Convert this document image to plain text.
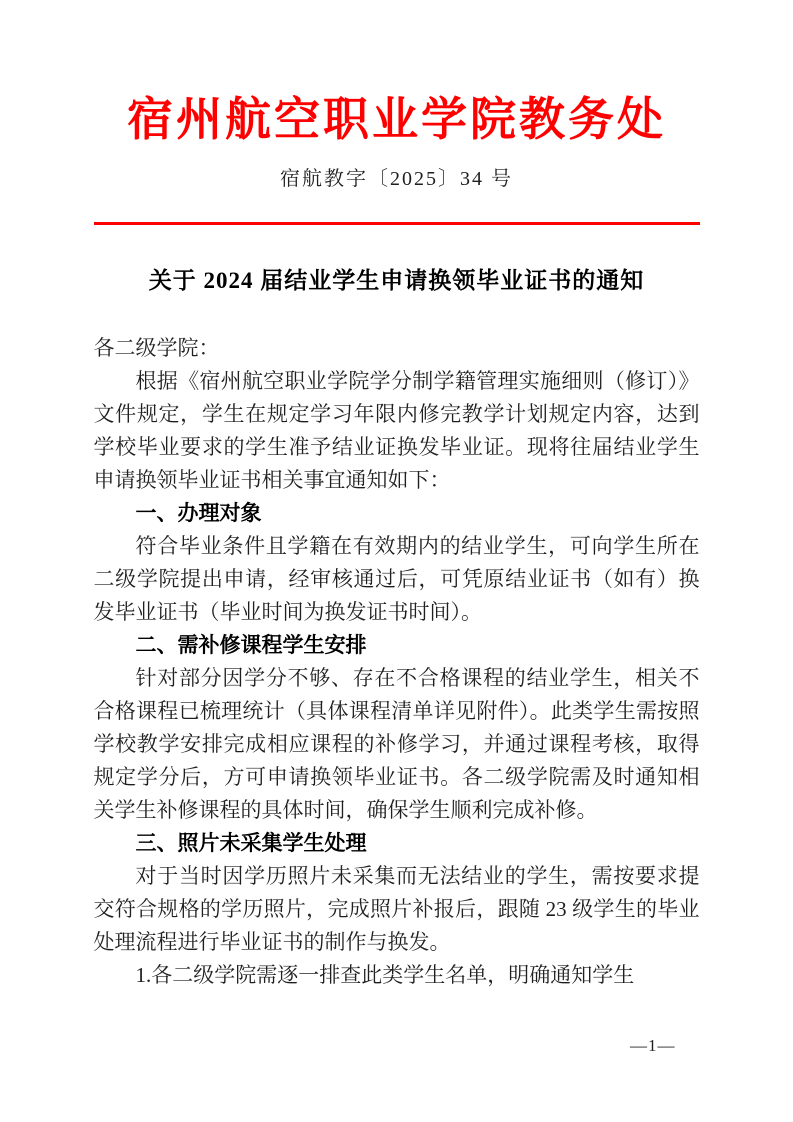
宿州航空职业学院教务处
宿航教字〔2025〕34 号
关于 2024 届结业学生申请换领毕业证书的通知

各二级学院：

根据《宿州航空职业学院学分制学籍管理实施细则（修订）》文件规定，学生在规定学习年限内修完教学计划规定内容，达到学校毕业要求的学生准予结业证换发毕业证。现将往届结业学生申请换领毕业证书相关事宜通知如下：

一、办理对象

符合毕业条件且学籍在有效期内的结业学生，可向学生所在二级学院提出申请，经审核通过后，可凭原结业证书（如有）换发毕业证书（毕业时间为换发证书时间）。

二、需补修课程学生安排

针对部分因学分不够、存在不合格课程的结业学生，相关不合格课程已梳理统计（具体课程清单详见附件）。此类学生需按照学校教学安排完成相应课程的补修学习，并通过课程考核，取得规定学分后，方可申请换领毕业证书。各二级学院需及时通知相关学生补修课程的具体时间，确保学生顺利完成补修。

三、照片未采集学生处理

对于当时因学历照片未采集而无法结业的学生，需按要求提交符合规格的学历照片，完成照片补报后，跟随 23 级学生的毕业处理流程进行毕业证书的制作与换发。

1.各二级学院需逐一排查此类学生名单，明确通知学生

—1—
